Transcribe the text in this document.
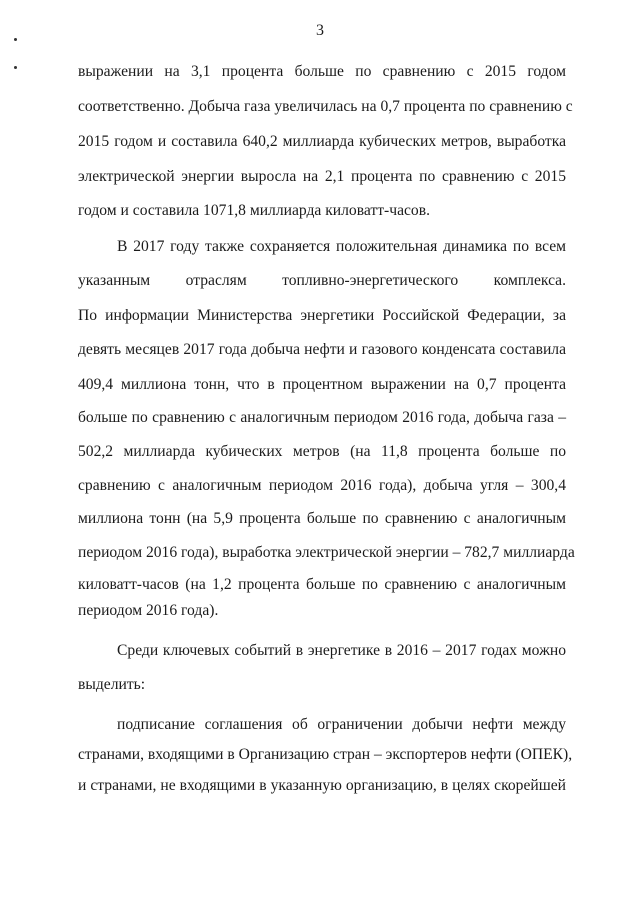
3
выражении на 3,1 процента больше по сравнению с 2015 годом
соответственно. Добыча газа увеличилась на 0,7 процента по сравнению с
2015 годом и составила 640,2 миллиарда кубических метров, выработка
электрической энергии выросла на 2,1 процента по сравнению с 2015
годом и составила 1071,8 миллиарда киловатт-часов.
В 2017 году также сохраняется положительная динамика по всем
указанным отраслям топливно-энергетического комплекса.
По информации Министерства энергетики Российской Федерации, за
девять месяцев 2017 года добыча нефти и газового конденсата составила
409,4 миллиона тонн, что в процентном выражении на 0,7 процента
больше по сравнению с аналогичным периодом 2016 года, добыча газа –
502,2 миллиарда кубических метров (на 11,8 процента больше по
сравнению с аналогичным периодом 2016 года), добыча угля – 300,4
миллиона тонн (на 5,9 процента больше по сравнению с аналогичным
периодом 2016 года), выработка электрической энергии – 782,7 миллиарда
киловатт-часов (на 1,2 процента больше по сравнению с аналогичным
периодом 2016 года).
Среди ключевых событий в энергетике в 2016 – 2017 годах можно
выделить:
подписание соглашения об ограничении добычи нефти между
странами, входящими в Организацию стран – экспортеров нефти (ОПЕК),
и странами, не входящими в указанную организацию, в целях скорейшей
